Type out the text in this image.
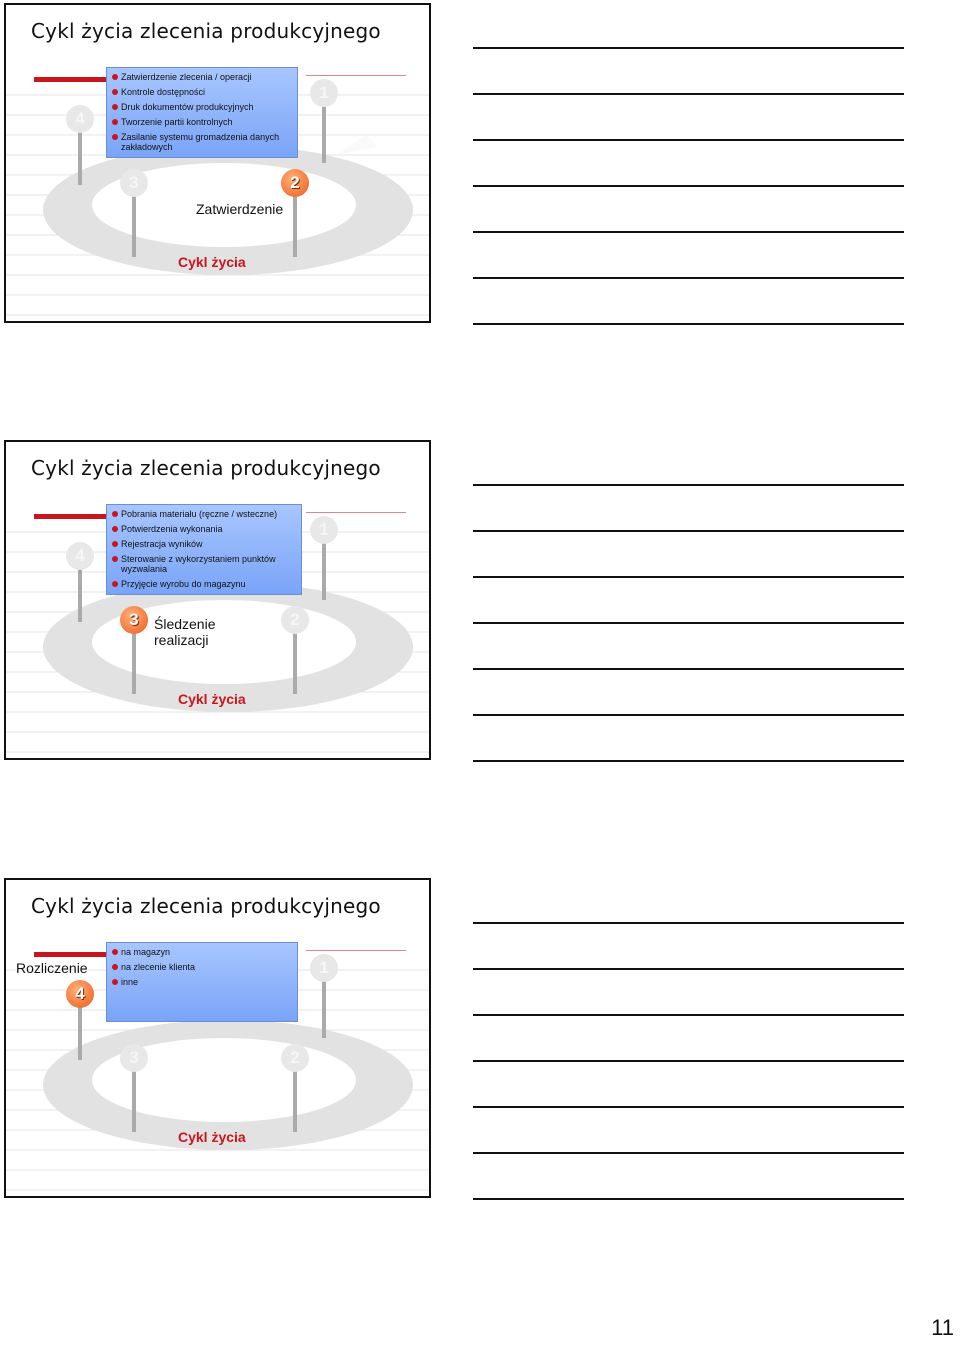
Cykl życia zlecenia produkcyjnego
Zatwierdzenie zlecenia / operacji
Kontrole dostępności
Druk dokumentów produkcyjnych
Tworzenie partii kontrolnych
Zasilanie systemu gromadzenia danych zakładowych
4
1
3	2
Zatwierdzenie
Cykl życia
Cykl życia zlecenia produkcyjnego
Pobrania materiału (ręczne / wsteczne)
Potwierdzenia wykonania
Rejestracja wyników
Sterowanie z wykorzystaniem punktów wyzwalania
Przyjęcie wyrobu do magazynu
4
1
3	2
Śledzenie realizacji
Cykl życia
Cykl życia zlecenia produkcyjnego
na magazyn
na zlecenie klienta
inne
Rozliczenie
4
1
3	2
Cykl życia
11
